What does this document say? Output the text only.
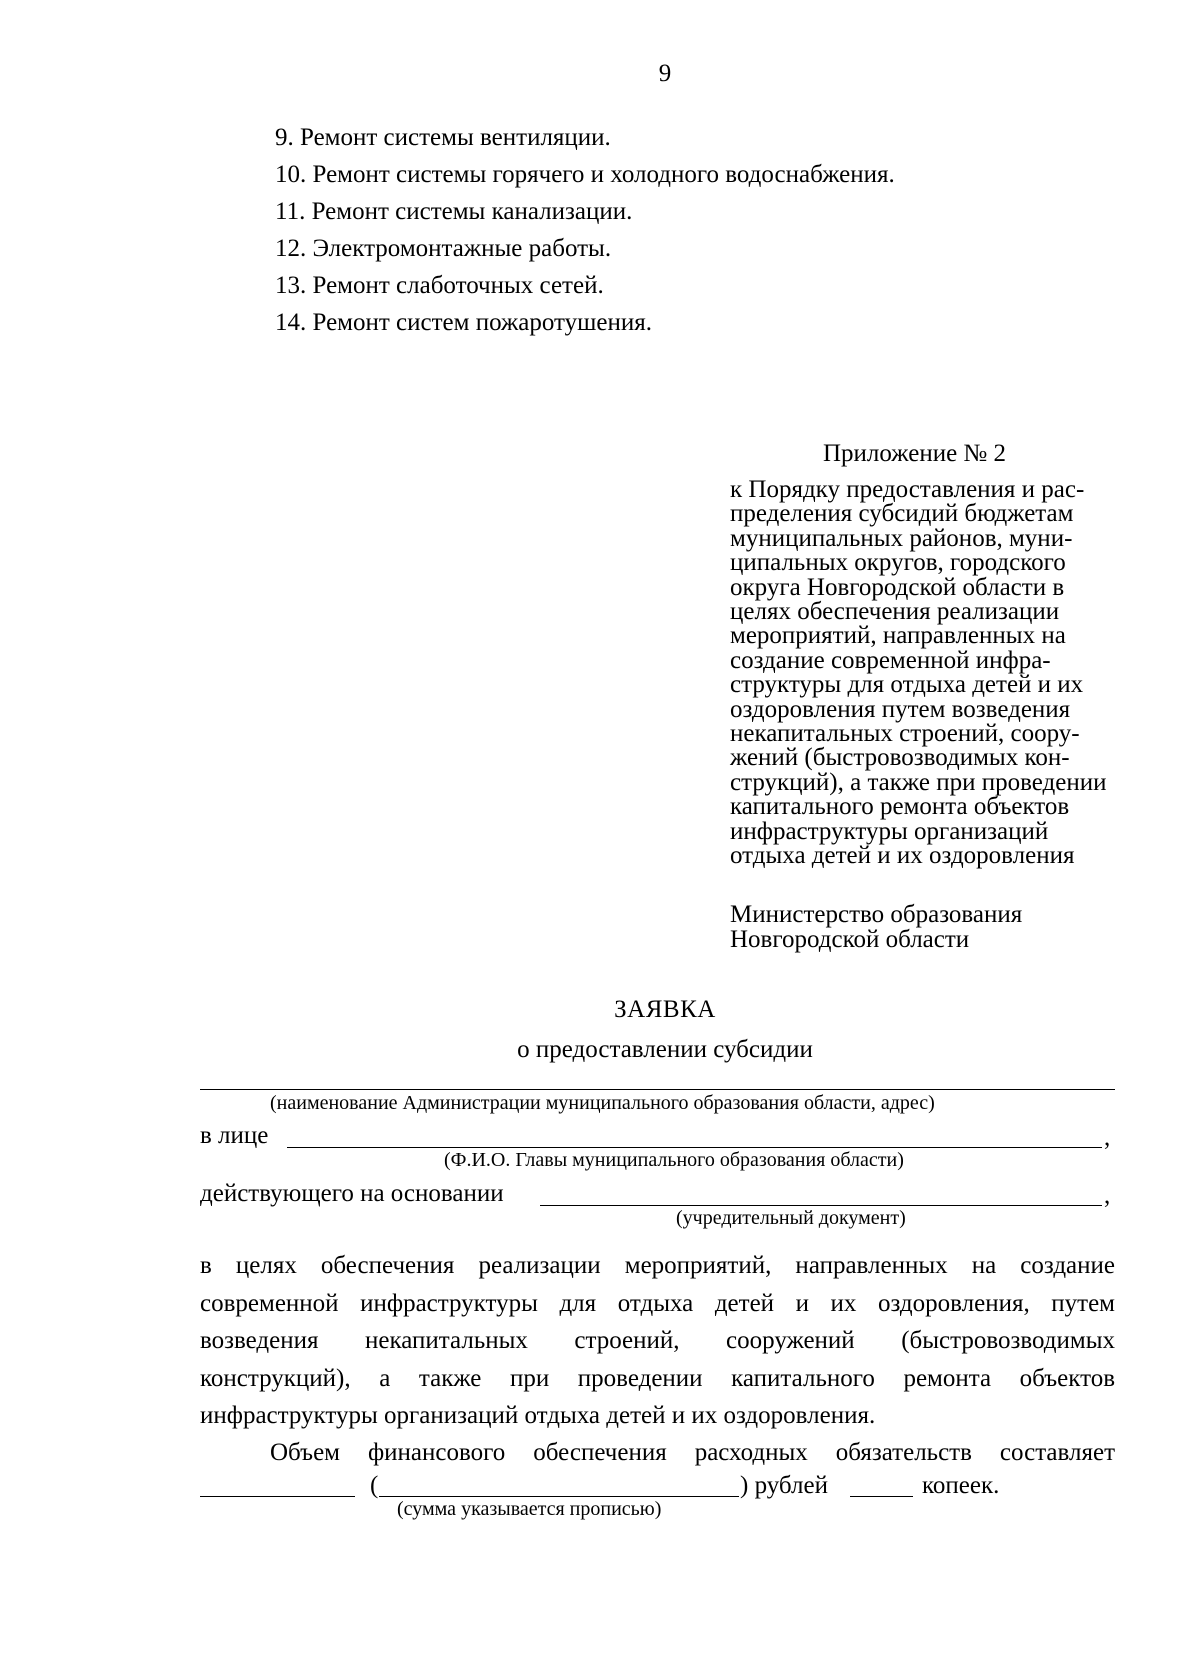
9
9. Ремонт системы вентиляции.
10. Ремонт системы горячего и холодного водоснабжения.
11. Ремонт системы канализации.
12. Электромонтажные работы.
13. Ремонт слаботочных сетей.
14. Ремонт систем пожаротушения.
Приложение № 2
к Порядку предоставления и рас-
пределения субсидий бюджетам
муниципальных районов, муни-
ципальных округов, городского
округа Новгородской области в
целях обеспечения реализации
мероприятий, направленных на
создание современной инфра-
структуры для отдыха детей и их
оздоровления путем возведения
некапитальных строений, соору-
жений (быстровозводимых кон-
струкций), а также при проведении
капитального ремонта объектов
инфраструктуры организаций
отдыха детей и их оздоровления
Министерство образования
Новгородской области
ЗАЯВКА
о предоставлении субсидии
(наименование Администрации муниципального образования области, адрес)
в лице	,
(Ф.И.О. Главы муниципального образования области)
действующего на основании	,
(учредительный документ)
в целях обеспечения реализации мероприятий, направленных на создание
современной инфраструктуры для отдыха детей и их оздоровления, путем
возведения некапитальных строений, сооружений (быстровозводимых
конструкций), а также при проведении капитального ремонта объектов
инфраструктуры организаций отдыха детей и их оздоровления.
Объем финансового обеспечения расходных обязательств составляет
(	) рублей	копеек.
(сумма указывается прописью)
